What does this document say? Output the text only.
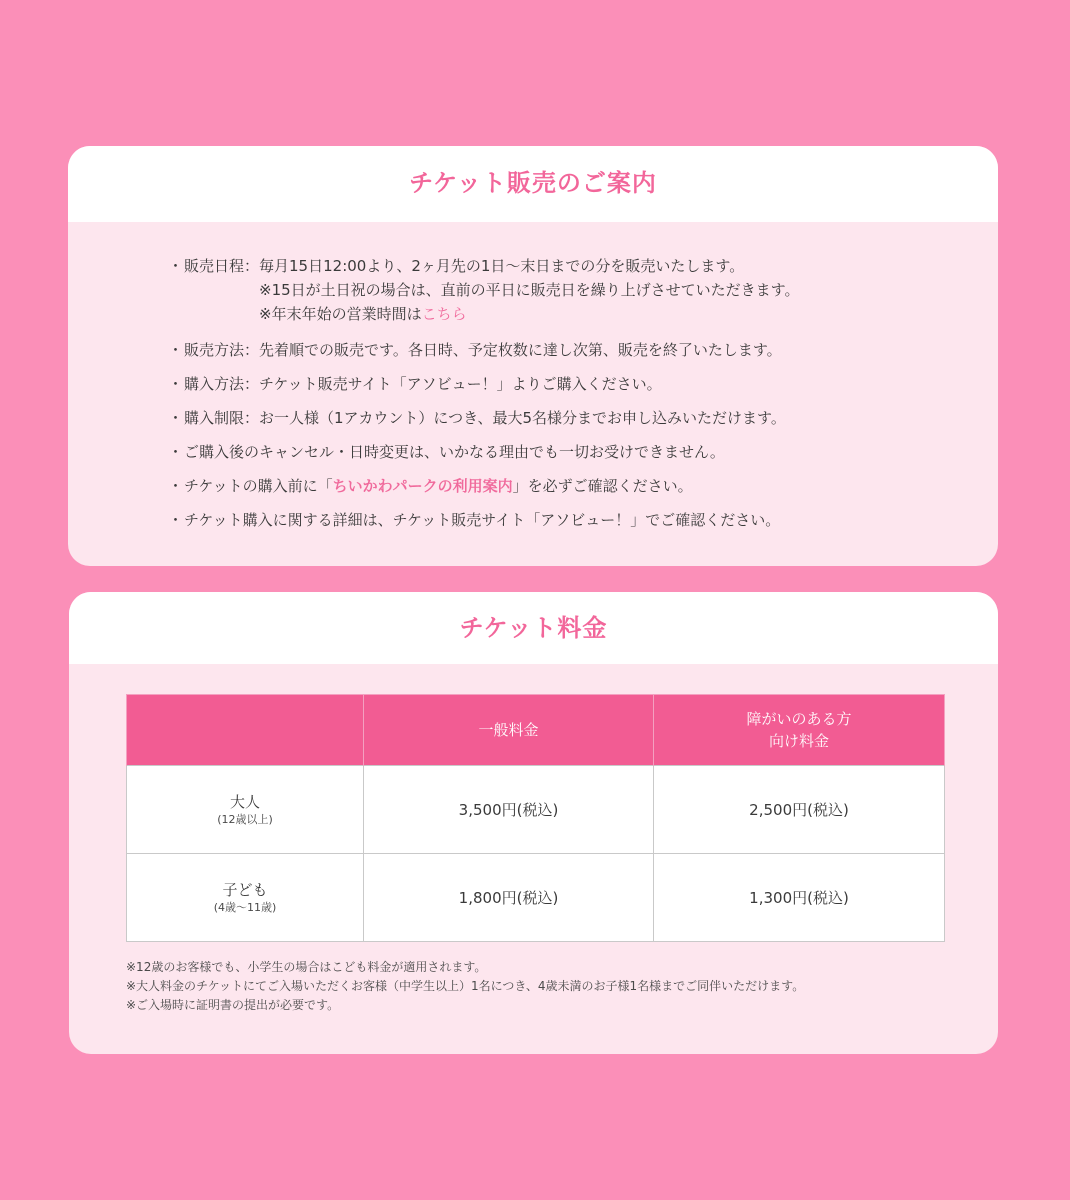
チケット販売のご案内
・ 販売日程： 毎月15日12:00より、2ヶ月先の1日〜末日までの分を販売いたします。
※15日が土日祝の場合は、直前の平日に販売日を繰り上げさせていただきます。
※年末年始の営業時間はこちら
・ 販売方法： 先着順での販売です。各日時、予定枚数に達し次第、販売を終了いたします。
・ 購入方法： チケット販売サイト「アソビュー！」よりご購入ください。
・ 購入制限： お一人様（1アカウント）につき、最大5名様分までお申し込みいただけます。
・ ご購入後のキャンセル・日時変更は、いかなる理由でも一切お受けできません。
・ チケットの購入前に「ちいかわパークの利用案内」を必ずご確認ください。
・ チケット購入に関する詳細は、チケット販売サイト「アソビュー！」でご確認ください。
チケット料金
	一般料金	障がいのある方
向け料金

大人
(12歳以上)	3,500円(税込)	2,500円(税込)

子ども
(4歳〜11歳)	1,800円(税込)	1,300円(税込)
※12歳のお客様でも、小学生の場合はこども料金が適用されます。
※大人料金のチケットにてご入場いただくお客様（中学生以上）1名につき、4歳未満のお子様1名様までご同伴いただけます。
※ご入場時に証明書の提出が必要です。
